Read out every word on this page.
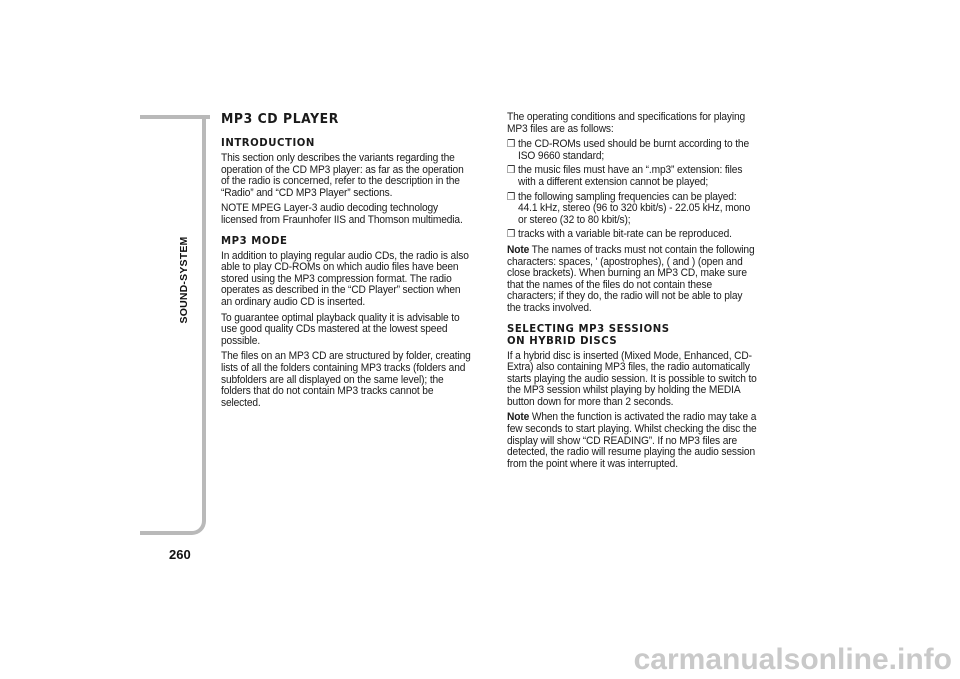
SOUND-SYSTEM
260
MP3 CD PLAYER
INTRODUCTION

This section only describes the variants regarding the operation of the CD MP3 player: as far as the operation of the radio is concerned, refer to the description in the “Radio” and “CD MP3 Player” sections.

NOTE MPEG Layer-3 audio decoding technology licensed from Fraunhofer IIS and Thomson multimedia.

MP3 MODE

In addition to playing regular audio CDs, the radio is also able to play CD-ROMs on which audio files have been stored using the MP3 compression format. The radio operates as described in the “CD Player” section when an ordinary audio CD is inserted.

To guarantee optimal playback quality it is advisable to use good quality CDs mastered at the lowest speed possible.

The files on an MP3 CD are structured by folder, creating lists of all the folders containing MP3 tracks (folders and subfolders are all displayed on the same level); the folders that do not contain MP3 tracks cannot be selected.

The operating conditions and specifications for playing MP3 files are as follows:

❒ the CD-ROMs used should be burnt according to the ISO 9660 standard;
❒ the music files must have an “.mp3” extension: files with a different extension cannot be played;
❒ the following sampling frequencies can be played: 44.1 kHz, stereo (96 to 320 kbit/s) - 22.05 kHz, mono or stereo (32 to 80 kbit/s);
❒ tracks with a variable bit-rate can be reproduced.

Note The names of tracks must not contain the following characters: spaces, ' (apostrophes), ( and ) (open and close brackets). When burning an MP3 CD, make sure that the names of the files do not contain these characters; if they do, the radio will not be able to play the tracks involved.

SELECTING MP3 SESSIONS
ON HYBRID DISCS

If a hybrid disc is inserted (Mixed Mode, Enhanced, CD-Extra) also containing MP3 files, the radio automatically starts playing the audio session. It is possible to switch to the MP3 session whilst playing by holding the MEDIA button down for more than 2 seconds.

Note When the function is activated the radio may take a few seconds to start playing. Whilst checking the disc the display will show “CD READING”. If no MP3 files are detected, the radio will resume playing the audio session from the point where it was interrupted.

carmanualsonline.info
